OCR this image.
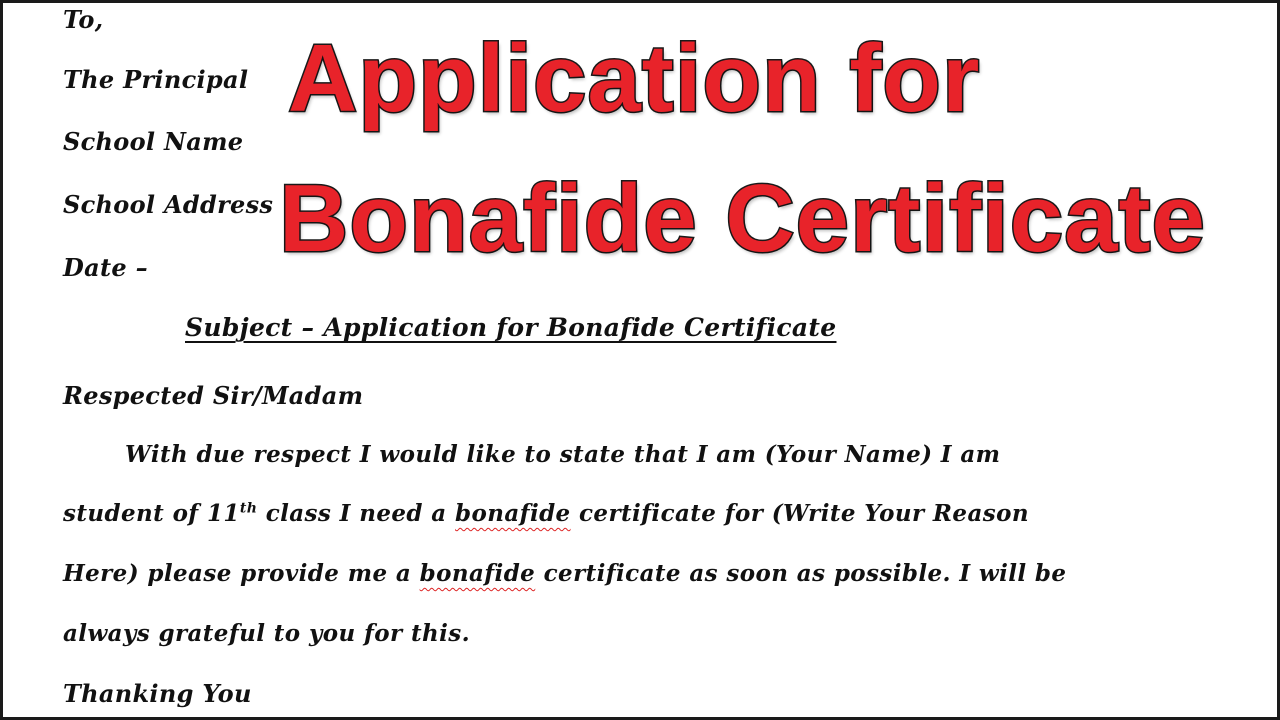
To,
The Principal
School Name
School Address
Date –
Application for
Bonafide Certificate
Subject – Application for Bonafide Certificate
Respected Sir/Madam
With due respect I would like to state that I am (Your Name) I am
student of 11th class I need a bonafide certificate for (Write Your Reason
Here) please provide me a bonafide certificate as soon as possible. I will be
always grateful to you for this.
Thanking You
